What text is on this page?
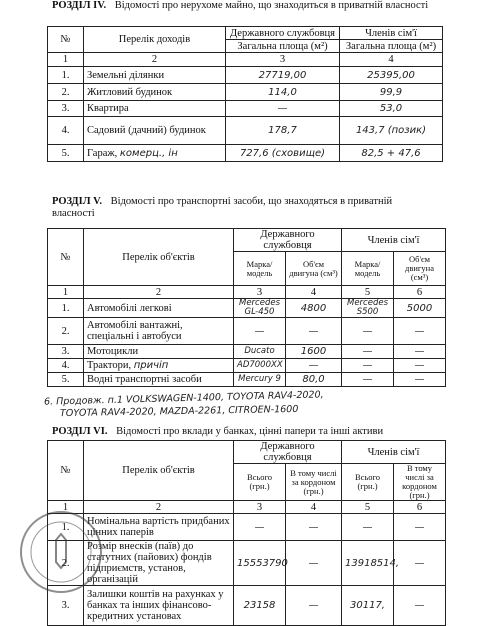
РОЗДІЛ IV. Відомості про нерухоме майно, що знаходиться в приватній власності
№	Перелік доходів	Державного службовця	Членів сім'ї
		Загальна площа (м²)	Загальна площа (м²)
1	2	3	4
1.	Земельні ділянки	27719,00	25395,00
2.	Житловий будинок	114,0	99,9
3.	Квартира	—	53,0
4.	Садовий (дачний) будинок	178,7	143,7 (позик)
5.	Гараж, комерц., ін	727,6 (сховище)	82,5 + 47,6
РОЗДІЛ V. Відомості про транспортні засоби, що знаходяться в приватній власності
№	Перелік об'єктів	Державного службовця		Членів сім'ї	
		Марка/ модель	Об'єм двигуна (см³)	Марка/ модель	Об'єм двигуна (см³)
1	2	3	4	5	6
1.	Автомобілі легкові	Mercedes GL-450	4800	Mercedes S500	5000
2.	Автомобілі вантажні, спеціальні і автобуси	—	—	—	—
3.	Мотоцикли	Ducato	1600	—	—
4.	Трактори, причіп	AD7000XX	—	—	—
5.	Водні транспортні засоби	Mercury 9	80,0	—	—
6. Продовж. п.1 VOLKSWAGEN-1400, TOYOTA RAV4-2020,
TOYOTA RAV4-2020, MAZDA-2261, CITROEN-1600
РОЗДІЛ VI. Відомості про вклади у банках, цінні папери та інші активи
№	Перелік об'єктів	Державного службовця		Членів сім'ї	
		Всього (грн.)	В тому числі за кордоном (грн.)	Всього (грн.)	В тому числі за кордоном (грн.)
1	2	3	4	5	6
1.	Номінальна вартість придбаних цінних паперів	—	—	—	—
2.	Розмір внесків (паїв) до статутних (пайових) фондів підприємств, установ, організацій	15553790	—	13918514,	—
3.	Залишки коштів на рахунках у банках та інших фінансово-кредитних установах	23158	—	30117,	—
